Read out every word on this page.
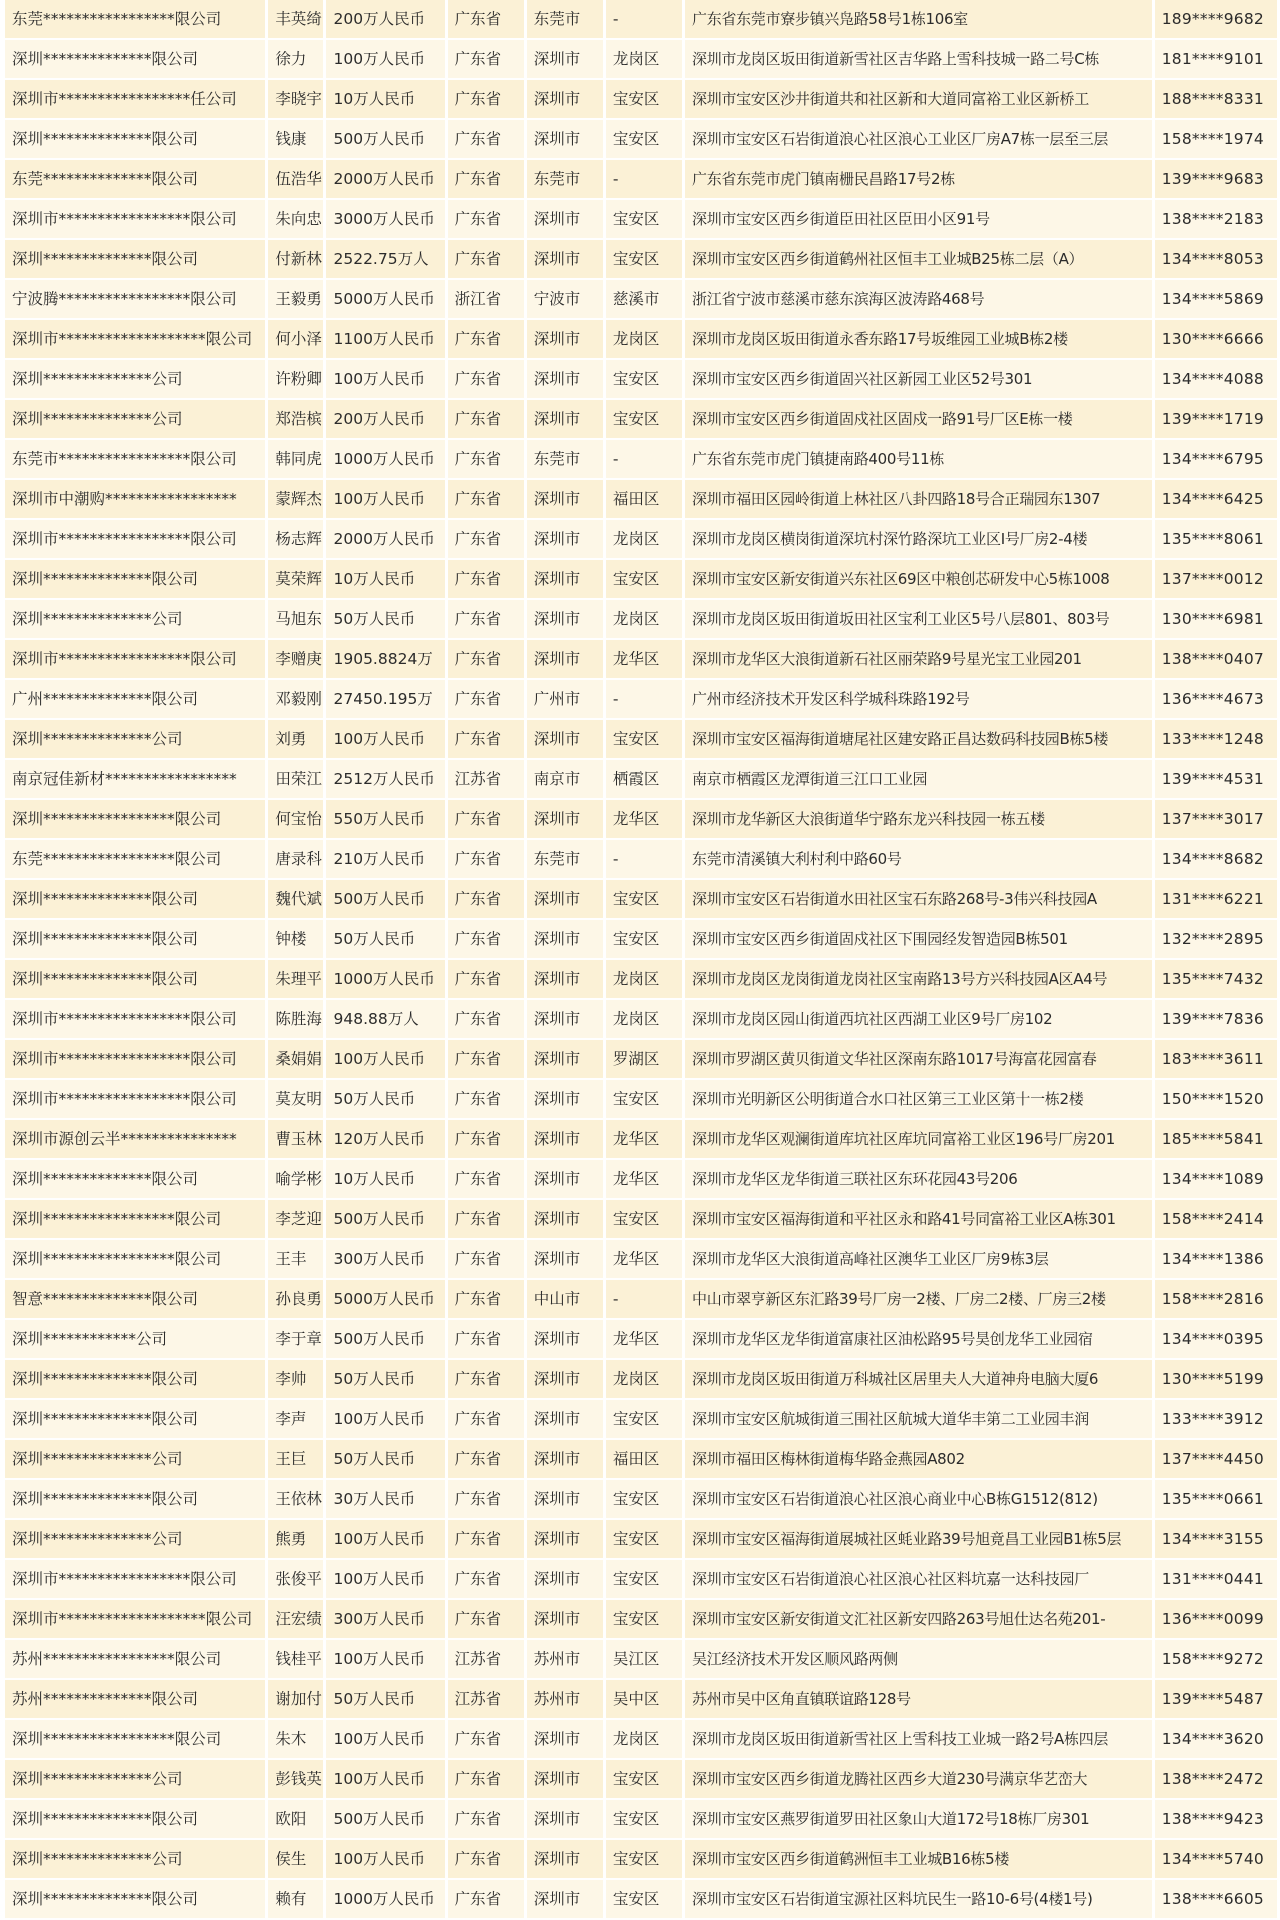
东莞*****************限公司	丰英绮	200万人民币	广东省	东莞市	-	广东省东莞市寮步镇兴凫路58号1栋106室	189****9682
深圳**************限公司	徐力	100万人民币	广东省	深圳市	龙岗区	深圳市龙岗区坂田街道新雪社区吉华路上雪科技城一路二号C栋	181****9101
深圳市*****************任公司	李晓宇	10万人民币	广东省	深圳市	宝安区	深圳市宝安区沙井街道共和社区新和大道同富裕工业区新桥工	188****8331
深圳**************限公司	钱康	500万人民币	广东省	深圳市	宝安区	深圳市宝安区石岩街道浪心社区浪心工业区厂房A7栋一层至三层	158****1974
东莞**************限公司	伍浩华	2000万人民币	广东省	东莞市	-	广东省东莞市虎门镇南栅民昌路17号2栋	139****9683
深圳市*****************限公司	朱向忠	3000万人民币	广东省	深圳市	宝安区	深圳市宝安区西乡街道臣田社区臣田小区91号	138****2183
深圳**************限公司	付新林	2522.75万人	广东省	深圳市	宝安区	深圳市宝安区西乡街道鹤州社区恒丰工业城B25栋二层（A）	134****8053
宁波腾*****************限公司	王毅勇	5000万人民币	浙江省	宁波市	慈溪市	浙江省宁波市慈溪市慈东滨海区波涛路468号	134****5869
深圳市*******************限公司	何小泽	1100万人民币	广东省	深圳市	龙岗区	深圳市龙岗区坂田街道永香东路17号坂维园工业城B栋2楼	130****6666
深圳**************公司	许粉卿	100万人民币	广东省	深圳市	宝安区	深圳市宝安区西乡街道固兴社区新园工业区52号301	134****4088
深圳**************公司	郑浩槟	200万人民币	广东省	深圳市	宝安区	深圳市宝安区西乡街道固戍社区固戍一路91号厂区E栋一楼	139****1719
东莞市*****************限公司	韩同虎	1000万人民币	广东省	东莞市	-	广东省东莞市虎门镇捷南路400号11栋	134****6795
深圳市中潮购*****************	蒙辉杰	100万人民币	广东省	深圳市	福田区	深圳市福田区园岭街道上林社区八卦四路18号合正瑞园东1307	134****6425
深圳市*****************限公司	杨志辉	2000万人民币	广东省	深圳市	龙岗区	深圳市龙岗区横岗街道深坑村深竹路深坑工业区I号厂房2-4楼	135****8061
深圳**************限公司	莫荣辉	10万人民币	广东省	深圳市	宝安区	深圳市宝安区新安街道兴东社区69区中粮创芯研发中心5栋1008	137****0012
深圳**************公司	马旭东	50万人民币	广东省	深圳市	龙岗区	深圳市龙岗区坂田街道坂田社区宝利工业区5号八层801、803号	130****6981
深圳市*****************限公司	李赠庚	1905.8824万	广东省	深圳市	龙华区	深圳市龙华区大浪街道新石社区丽荣路9号星光宝工业园201	138****0407
广州**************限公司	邓毅刚	27450.195万	广东省	广州市	-	广州市经济技术开发区科学城科珠路192号	136****4673
深圳**************公司	刘勇	100万人民币	广东省	深圳市	宝安区	深圳市宝安区福海街道塘尾社区建安路正昌达数码科技园B栋5楼	133****1248
南京冠佳新材*****************	田荣江	2512万人民币	江苏省	南京市	栖霞区	南京市栖霞区龙潭街道三江口工业园	139****4531
深圳*****************限公司	何宝怡	550万人民币	广东省	深圳市	龙华区	深圳市龙华新区大浪街道华宁路东龙兴科技园一栋五楼	137****3017
东莞*****************限公司	唐录科	210万人民币	广东省	东莞市	-	东莞市清溪镇大利村利中路60号	134****8682
深圳**************限公司	魏代斌	500万人民币	广东省	深圳市	宝安区	深圳市宝安区石岩街道水田社区宝石东路268号-3伟兴科技园A	131****6221
深圳**************限公司	钟楼	50万人民币	广东省	深圳市	宝安区	深圳市宝安区西乡街道固戍社区下围园经发智造园B栋501	132****2895
深圳**************限公司	朱理平	1000万人民币	广东省	深圳市	龙岗区	深圳市龙岗区龙岗街道龙岗社区宝南路13号方兴科技园A区A4号	135****7432
深圳市*****************限公司	陈胜海	948.88万人	广东省	深圳市	龙岗区	深圳市龙岗区园山街道西坑社区西湖工业区9号厂房102	139****7836
深圳市*****************限公司	桑娟娟	100万人民币	广东省	深圳市	罗湖区	深圳市罗湖区黄贝街道文华社区深南东路1017号海富花园富春	183****3611
深圳市*****************限公司	莫友明	50万人民币	广东省	深圳市	宝安区	深圳市光明新区公明街道合水口社区第三工业区第十一栋2楼	150****1520
深圳市源创云半***************	曹玉林	120万人民币	广东省	深圳市	龙华区	深圳市龙华区观澜街道库坑社区库坑同富裕工业区196号厂房201	185****5841
深圳**************限公司	喻学彬	10万人民币	广东省	深圳市	龙华区	深圳市龙华区龙华街道三联社区东环花园43号206	134****1089
深圳*****************限公司	李芝迎	500万人民币	广东省	深圳市	宝安区	深圳市宝安区福海街道和平社区永和路41号同富裕工业区A栋301	158****2414
深圳*****************限公司	王丰	300万人民币	广东省	深圳市	龙华区	深圳市龙华区大浪街道高峰社区澳华工业区厂房9栋3层	134****1386
智意**************限公司	孙良勇	5000万人民币	广东省	中山市	-	中山市翠亨新区东汇路39号厂房一2楼、厂房二2楼、厂房三2楼	158****2816
深圳************公司	李于章	500万人民币	广东省	深圳市	龙华区	深圳市龙华区龙华街道富康社区油松路95号昊创龙华工业园宿	134****0395
深圳**************限公司	李帅	50万人民币	广东省	深圳市	龙岗区	深圳市龙岗区坂田街道万科城社区居里夫人大道神舟电脑大厦6	130****5199
深圳**************限公司	李声	100万人民币	广东省	深圳市	宝安区	深圳市宝安区航城街道三围社区航城大道华丰第二工业园丰润	133****3912
深圳**************公司	王巨	50万人民币	广东省	深圳市	福田区	深圳市福田区梅林街道梅华路金燕园A802	137****4450
深圳**************限公司	王依林	30万人民币	广东省	深圳市	宝安区	深圳市宝安区石岩街道浪心社区浪心商业中心B栋G1512(812)	135****0661
深圳**************公司	熊勇	100万人民币	广东省	深圳市	宝安区	深圳市宝安区福海街道展城社区蚝业路39号旭竟昌工业园B1栋5层	134****3155
深圳市*****************限公司	张俊平	100万人民币	广东省	深圳市	宝安区	深圳市宝安区石岩街道浪心社区浪心社区料坑嘉一达科技园厂	131****0441
深圳市*******************限公司	汪宏绩	300万人民币	广东省	深圳市	宝安区	深圳市宝安区新安街道文汇社区新安四路263号旭仕达名苑201-	136****0099
苏州*****************限公司	钱桂平	100万人民币	江苏省	苏州市	吴江区	吴江经济技术开发区顺风路两侧	158****9272
苏州**************限公司	谢加付	50万人民币	江苏省	苏州市	吴中区	苏州市吴中区角直镇联谊路128号	139****5487
深圳*****************限公司	朱木	100万人民币	广东省	深圳市	龙岗区	深圳市龙岗区坂田街道新雪社区上雪科技工业城一路2号A栋四层	134****3620
深圳**************公司	彭钱英	100万人民币	广东省	深圳市	宝安区	深圳市宝安区西乡街道龙腾社区西乡大道230号满京华艺峦大	138****2472
深圳**************限公司	欧阳	500万人民币	广东省	深圳市	宝安区	深圳市宝安区燕罗街道罗田社区象山大道172号18栋厂房301	138****9423
深圳**************公司	侯生	100万人民币	广东省	深圳市	宝安区	深圳市宝安区西乡街道鹤洲恒丰工业城B16栋5楼	134****5740
深圳**************限公司	赖有	1000万人民币	广东省	深圳市	宝安区	深圳市宝安区石岩街道宝源社区料坑民生一路10-6号(4楼1号)	138****6605
